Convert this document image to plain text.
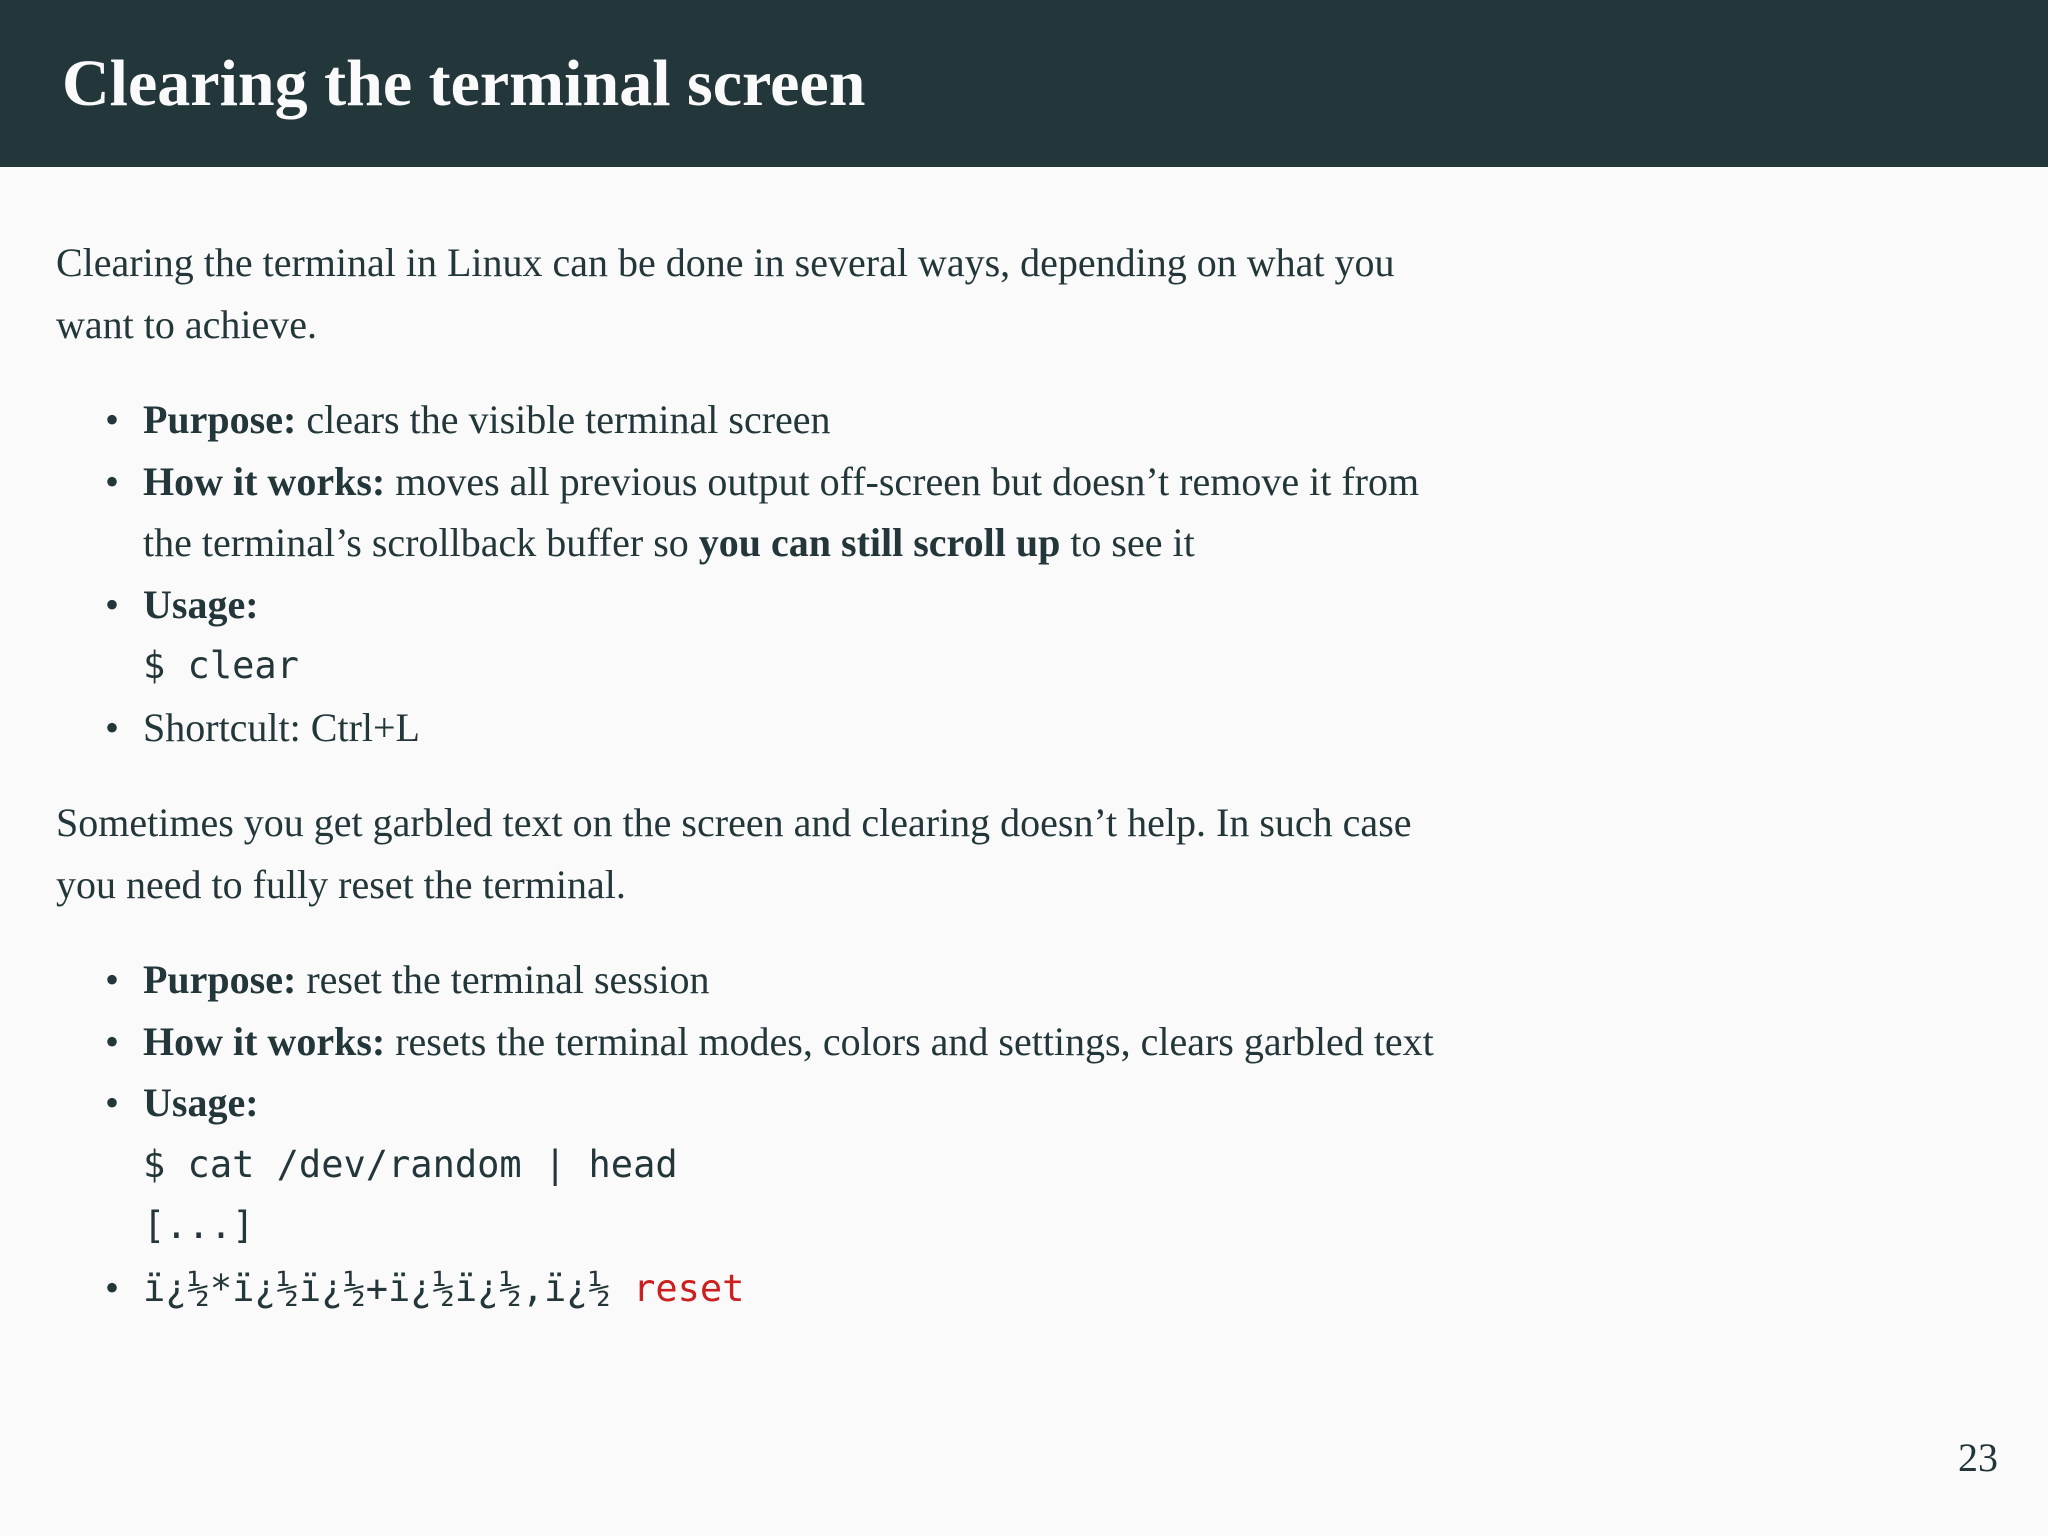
Clearing the terminal screen

Clearing the terminal in Linux can be done in several ways, depending on what you want to achieve.

• Purpose: clears the visible terminal screen
• How it works: moves all previous output off-screen but doesn’t remove it from the terminal’s scrollback buffer so you can still scroll up to see it
• Usage:
$ clear
• Shortcult: Ctrl+L

Sometimes you get garbled text on the screen and clearing doesn’t help. In such case you need to fully reset the terminal.

• Purpose: reset the terminal session
• How it works: resets the terminal modes, colors and settings, clears garbled text
• Usage:
$ cat /dev/random | head
[...]
• ï¿½*ï¿½ï¿½+ï¿½ï¿½,ï¿½ reset
23
